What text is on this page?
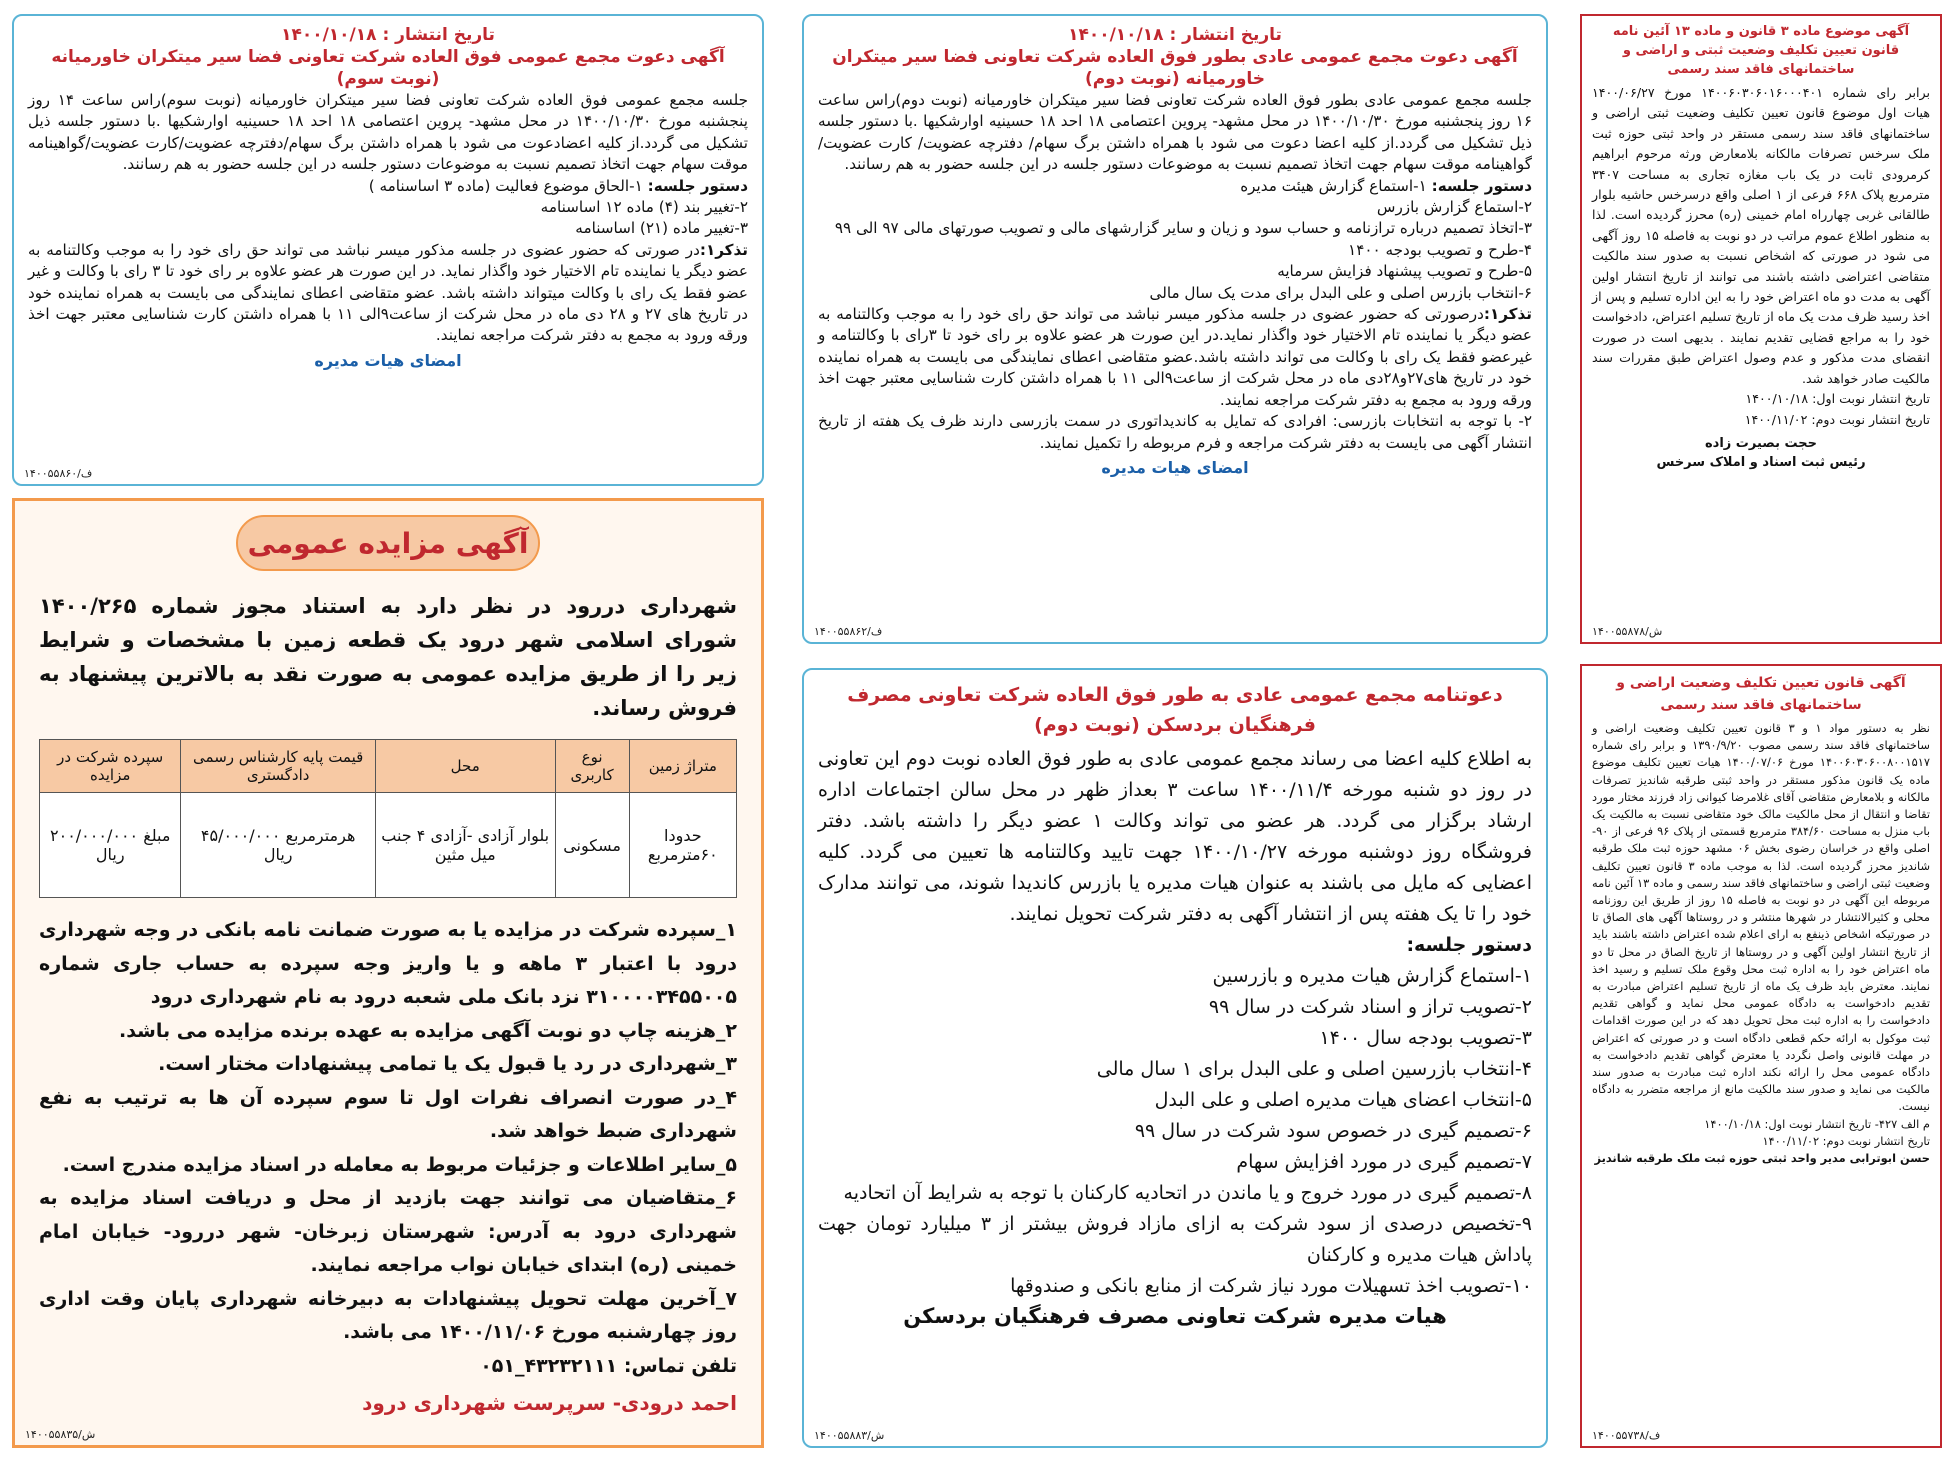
تاریخ انتشار : ۱۴۰۰/۱۰/۱۸
آگهی دعوت مجمع عمومی فوق العاده شرکت تعاونی فضا سیر میتکران خاورمیانه (نوبت سوم)

جلسه مجمع عمومی فوق العاده شرکت تعاونی فضا سیر میتکران خاورمیانه (نوبت سوم)راس ساعت ۱۴ روز پنجشنبه مورخ ۱۴۰۰/۱۰/۳۰ در محل مشهد- پروین اعتصامی ۱۸ احد ۱۸ حسینیه اوارشکیها .با دستور جلسه ذیل تشکیل می گردد.از کلیه اعضادعوت می شود با همراه داشتن برگ سهام/دفترچه عضویت/کارت عضویت/گواهینامه موقت سهام جهت اتخاذ تصمیم نسبت به موضوعات دستور جلسه در این جلسه حضور به هم رسانند.

دستور جلسه: ۱-الحاق موضوع فعالیت (ماده ۳ اساسنامه )

۲-تغییر بند (۴) ماده ۱۲ اساسنامه

۳-تغییر ماده (۲۱) اساسنامه

تذکر۱:در صورتی که حضور عضوی در جلسه مذکور میسر نباشد می تواند حق رای خود را به موجب وکالتنامه به عضو دیگر یا نماینده تام الاختیار خود واگذار نماید. در این صورت هر عضو علاوه بر رای خود تا ۳ رای با وکالت و غیر عضو فقط یک رای با وکالت میتواند داشته باشد. عضو متقاضی اعطای نمایندگی می بایست به همراه نماینده خود در تاریخ های ۲۷ و ۲۸ دی ماه در محل شرکت از ساعت۹الی ۱۱ با همراه داشتن کارت شناسایی معتبر جهت اخذ ورقه ورود به مجمع به دفتر شرکت مراجعه نمایند.

امضای هیات مدیره
۱۴۰۰۵۵۸۶۰/ف
تاریخ انتشار : ۱۴۰۰/۱۰/۱۸
آگهی دعوت مجمع عمومی عادی بطور فوق العاده شرکت تعاونی فضا سیر میتکران خاورمیانه (نوبت دوم)

جلسه مجمع عمومی عادی بطور فوق العاده شرکت تعاونی فضا سیر میتکران خاورمیانه (نوبت دوم)راس ساعت ۱۶ روز پنجشنبه مورخ ۱۴۰۰/۱۰/۳۰ در محل مشهد- پروین اعتصامی ۱۸ احد ۱۸ حسینیه اوارشکیها .با دستور جلسه ذیل تشکیل می گردد.از کلیه اعضا دعوت می شود با همراه داشتن برگ سهام/ دفترچه عضویت/ کارت عضویت/ گواهینامه موقت سهام جهت اتخاذ تصمیم نسبت به موضوعات دستور جلسه در این جلسه حضور به هم رسانند.

دستور جلسه: ۱-استماع گزارش هیئت مدیره

۲-استماع گزارش بازرس

۳-اتخاذ تصمیم درباره ترازنامه و حساب سود و زیان و سایر گزارشهای مالی و تصویب صورتهای مالی ۹۷ الی ۹۹

۴-طرح و تصویب بودجه ۱۴۰۰

۵-طرح و تصویب پیشنهاد فزایش سرمایه

۶-انتخاب بازرس اصلی و علی البدل برای مدت یک سال مالی

تذکر۱:درصورتی که حضور عضوی در جلسه مذکور میسر نباشد می تواند حق رای خود را به موجب وکالتنامه به عضو دیگر یا نماینده تام الاختیار خود واگذار نماید.در این صورت هر عضو علاوه بر رای خود تا ۳رای با وکالتنامه و غیرعضو فقط یک رای با وکالت می تواند داشته باشد.عضو متقاضی اعطای نمایندگی می بایست به همراه نماینده خود در تاریخ های۲۷و۲۸دی ماه در محل شرکت از ساعت۹الی ۱۱ با همراه داشتن کارت شناسایی معتبر جهت اخذ ورقه ورود به مجمع به دفتر شرکت مراجعه نمایند.

۲- با توجه به انتخابات بازرسی: افرادی که تمایل به کاندیداتوری در سمت بازرسی دارند ظرف یک هفته از تاریخ انتشار آگهی می بایست به دفتر شرکت مراجعه و فرم مربوطه را تکمیل نمایند.

امضای هیات مدیره
۱۴۰۰۵۵۸۶۲/ف
آگهی موضوع ماده ۳ قانون و ماده ۱۳ آئین نامه قانون تعیین تکلیف وضعیت ثبتی و اراضی و ساختمانهای فاقد سند رسمی

برابر رای شماره ۱۴۰۰۶۰۳۰۶۰۱۶۰۰۰۴۰۱ مورخ ۱۴۰۰/۰۶/۲۷ هیات اول موضوع قانون تعیین تکلیف وضعیت ثبتی اراضی و ساختمانهای فاقد سند رسمی مستقر در واحد ثبتی حوزه ثبت ملک سرخس تصرفات مالکانه بلامعارض ورثه مرحوم ابراهیم کرمرودی ثابت در یک باب مغازه تجاری به مساحت ۳۴۰۷ مترمربع پلاک ۶۶۸ فرعی از ۱ اصلی واقع درسرخس حاشیه بلوار طالقانی غربی چهارراه امام خمینی (ره) محرز گردیده است. لذا به منظور اطلاع عموم مراتب در دو نوبت به فاصله ۱۵ روز آگهی می شود در صورتی که اشخاص نسبت به صدور سند مالکیت متقاضی اعتراضی داشته باشند می توانند از تاریخ انتشار اولین آگهی به مدت دو ماه اعتراض خود را به این اداره تسلیم و پس از اخذ رسید ظرف مدت یک ماه از تاریخ تسلیم اعتراض، دادخواست خود را به مراجع قضایی تقدیم نمایند . بدیهی است در صورت انقضای مدت مذکور و عدم وصول اعتراض طبق مقررات سند مالکیت صادر خواهد شد.

تاریخ انتشار نوبت اول: ۱۴۰۰/۱۰/۱۸

تاریخ انتشار نوبت دوم: ۱۴۰۰/۱۱/۰۲

حجت بصیرت زاده
رئیس ثبت اسناد و املاک سرخس
۱۴۰۰۵۵۸۷۸/ش
دعوتنامه مجمع عمومی عادی به طور فوق العاده شرکت تعاونی مصرف فرهنگیان بردسکن (نوبت دوم)

به اطلاع کلیه اعضا می رساند مجمع عمومی عادی به طور فوق العاده نوبت دوم این تعاونی در روز دو شنبه مورخه ۱۴۰۰/۱۱/۴ ساعت ۳ بعداز ظهر در محل سالن اجتماعات اداره ارشاد برگزار می گردد. هر عضو می تواند وکالت ۱ عضو دیگر را داشته باشد. دفتر فروشگاه روز دوشنبه مورخه ۱۴۰۰/۱۰/۲۷ جهت تایید وکالتنامه ها تعیین می گردد. کلیه اعضایی که مایل می باشند به عنوان هیات مدیره یا بازرس کاندیدا شوند، می توانند مدارک خود را تا یک هفته پس از انتشار آگهی به دفتر شرکت تحویل نمایند.

دستور جلسه:

۱-استماع گزارش هیات مدیره و بازرسین

۲-تصویب تراز و اسناد شرکت در سال ۹۹

۳-تصویب بودجه سال ۱۴۰۰

۴-انتخاب بازرسین اصلی و علی البدل برای ۱ سال مالی

۵-انتخاب اعضای هیات مدیره اصلی و علی البدل

۶-تصمیم گیری در خصوص سود شرکت در سال ۹۹

۷-تصمیم گیری در مورد افزایش سهام

۸-تصمیم گیری در مورد خروج و یا ماندن در اتحادیه کارکنان با توجه به شرایط آن اتحادیه

۹-تخصیص درصدی از سود شرکت به ازای مازاد فروش بیشتر از ۳ میلیارد تومان جهت پاداش هیات مدیره و کارکنان

۱۰-تصویب اخذ تسهیلات مورد نیاز شرکت از منابع بانکی و صندوقها

هیات مدیره شرکت تعاونی مصرف فرهنگیان بردسکن
۱۴۰۰۵۵۸۸۳/ش
آگهی قانون تعیین تکلیف وضعیت اراضی و ساختمانهای فاقد سند رسمی

نظر به دستور مواد ۱ و ۳ قانون تعیین تکلیف وضعیت اراضی و ساختمانهای فاقد سند رسمی مصوب ۱۳۹۰/۹/۲۰ و برابر رای شماره ۱۴۰۰۶۰۳۰۶۰۰۸۰۰۱۵۱۷ مورخ ۱۴۰۰/۰۷/۰۶ هیات تعیین تکلیف موضوع ماده یک قانون مذکور مستقر در واحد ثبتی طرقبه شاندیز تصرفات مالکانه و بلامعارض متقاضی آقای غلامرضا کیوانی زاد فرزند مختار مورد تقاضا و انتقال از محل مالکیت مالک خود متقاضی نسبت به مالکیت یک باب منزل به مساحت ۳۸۴/۶۰ مترمربع قسمتی از پلاک ۹۶ فرعی از ۹۰- اصلی واقع در خراسان رضوی بخش ۰۶ مشهد حوزه ثبت ملک طرقبه شاندیز محرز گردیده است. لذا به موجب ماده ۳ قانون تعیین تکلیف وضعیت ثبتی اراضی و ساختمانهای فاقد سند رسمی و ماده ۱۳ آئین نامه مربوطه این آگهی در دو نوبت به فاصله ۱۵ روز از طریق این روزنامه محلی و کثیرالانتشار در شهرها منتشر و در روستاها آگهی های الصاق تا در صورتیکه اشخاص ذینفع به ارای اعلام شده اعتراض داشته باشند باید از تاریخ انتشار اولین آگهی و در روستاها از تاریخ الصاق در محل تا دو ماه اعتراض خود را به اداره ثبت محل وقوع ملک تسلیم و رسید اخذ نمایند. معترض باید ظرف یک ماه از تاریخ تسلیم اعتراض مبادرت به تقدیم دادخواست به دادگاه عمومی محل نماید و گواهی تقدیم دادخواست را به اداره ثبت محل تحویل دهد که در این صورت اقدامات ثبت موکول به ارائه حکم قطعی دادگاه است و در صورتی که اعتراض در مهلت قانونی واصل نگردد یا معترض گواهی تقدیم دادخواست به دادگاه عمومی محل را ارائه نکند اداره ثبت مبادرت به صدور سند مالکیت می نماید و صدور سند مالکیت مانع از مراجعه متضرر به دادگاه نیست.

م الف ۴۲۷- تاریخ انتشار نوبت اول: ۱۴۰۰/۱۰/۱۸

تاریخ انتشار نوبت دوم: ۱۴۰۰/۱۱/۰۲

حسن ابوترابی مدیر واحد ثبتی حوزه ثبت ملک طرقبه شاندیز

۱۴۰۰۵۵۷۳۸/ف
آگهی مزایده عمومی
شهرداری دررود در نظر دارد به استناد مجوز شماره ۱۴۰۰/۲۶۵ شورای اسلامی شهر درود یک قطعه زمین با مشخصات و شرایط زیر را از طریق مزایده عمومی به صورت نقد به بالاترین پیشنهاد به فروش رساند.
متراژ زمین	نوع کاربری	محل	قیمت پایه کارشناس رسمی دادگستری	سپرده شرکت در مزایده
حدودا ۶۰مترمربع	مسکونی	بلوار آزادی -آزادی ۴ جنب میل مثین	هرمترمربع ۴۵/۰۰۰/۰۰۰ ریال	مبلغ ۲۰۰/۰۰۰/۰۰۰ ریال

۱_سپرده شرکت در مزایده یا به صورت ضمانت نامه بانکی در وجه شهرداری درود با اعتبار ۳ ماهه و یا واریز وجه سپرده به حساب جاری شماره ۳۱۰۰۰۰۳۴۵۵۰۰۵ نزد بانک ملی شعبه درود به نام شهرداری درود

۲_هزینه چاپ دو نوبت آگهی مزایده به عهده برنده مزایده می باشد.

۳_شهرداری در رد یا قبول یک یا تمامی پیشنهادات مختار است.

۴_در صورت انصراف نفرات اول تا سوم سپرده آن ها به ترتیب به نفع شهرداری ضبط خواهد شد.

۵_سایر اطلاعات و جزئیات مربوط به معامله در اسناد مزایده مندرج است.

۶_متقاضیان می توانند جهت بازدید از محل و دریافت اسناد مزایده به شهرداری درود به آدرس: شهرستان زبرخان- شهر دررود- خیابان امام خمینی (ره) ابتدای خیابان نواب مراجعه نمایند.

۷_آخرین مهلت تحویل پیشنهادات به دبیرخانه شهرداری پایان وقت اداری روز چهارشنبه مورخ ۱۴۰۰/۱۱/۰۶ می باشد.

تلفن تماس: ۴۳۲۳۲۱۱۱_۰۵۱

احمد درودی- سرپرست شهرداری درود
۱۴۰۰۵۵۸۳۵/ش
